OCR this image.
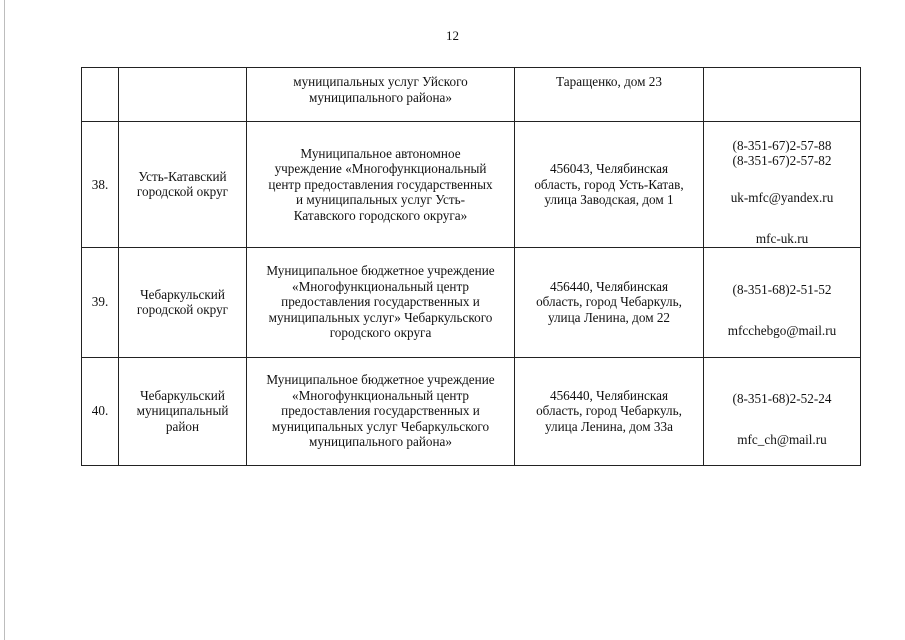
12
		муниципальных услуг Уйского
муниципального района»	Таращенко, дом 23	
38.	Усть-Катавский
городской округ	Муниципальное автономное
учреждение «Многофункциональный
центр предоставления государственных
и муниципальных услуг Усть-
Катавского городского округа»	456043, Челябинская
область, город Усть-Катав,
улица Заводская, дом 1	(8-351-67)2-57-88
(8-351-67)2-57-82

uk-mfc@yandex.ru

mfc-uk.ru

39.	Чебаркульский
городской округ	Муниципальное бюджетное учреждение
«Многофункциональный центр
предоставления государственных и
муниципальных услуг» Чебаркульского
городского округа	456440, Челябинская
область, город Чебаркуль,
улица Ленина, дом 22	(8-351-68)2-51-52

mfcchebgo@mail.ru

40.	Чебаркульский
муниципальный
район	Муниципальное бюджетное учреждение
«Многофункциональный центр
предоставления государственных и
муниципальных услуг Чебаркульского
муниципального района»	456440, Челябинская
область, город Чебаркуль,
улица Ленина, дом 33а	(8-351-68)2-52-24

mfc_ch@mail.ru
